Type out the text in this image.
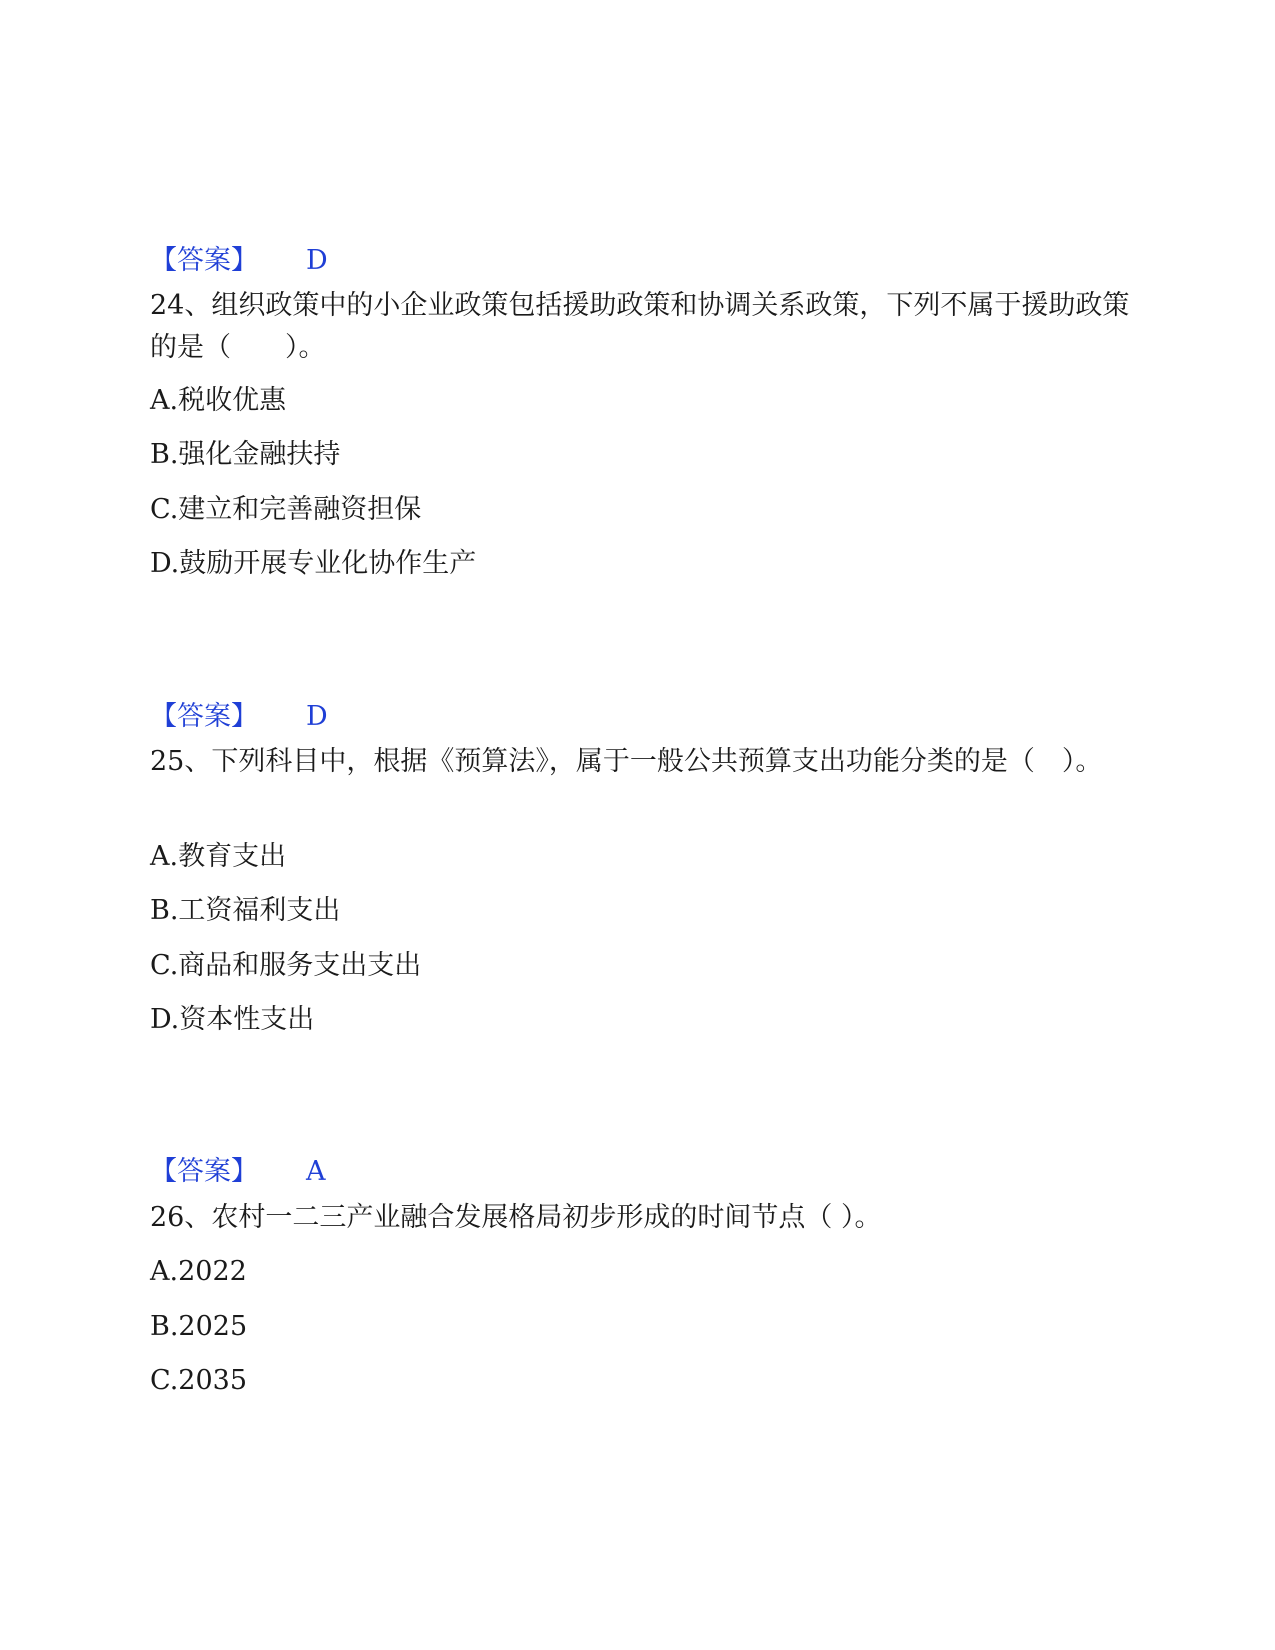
【答案】 D

24、组织政策中的小企业政策包括援助政策和协调关系政策，下列不属于援助政策的是（　　）。

A.税收优惠
B.强化金融扶持
C.建立和完善融资担保
D.鼓励开展专业化协作生产
【答案】 D

25、下列科目中，根据《预算法》，属于一般公共预算支出功能分类的是（　）。

A.教育支出
B.工资福利支出
C.商品和服务支出支出
D.资本性支出
【答案】 A

26、农村一二三产业融合发展格局初步形成的时间节点（ ）。

A.2022
B.2025
C.2035
